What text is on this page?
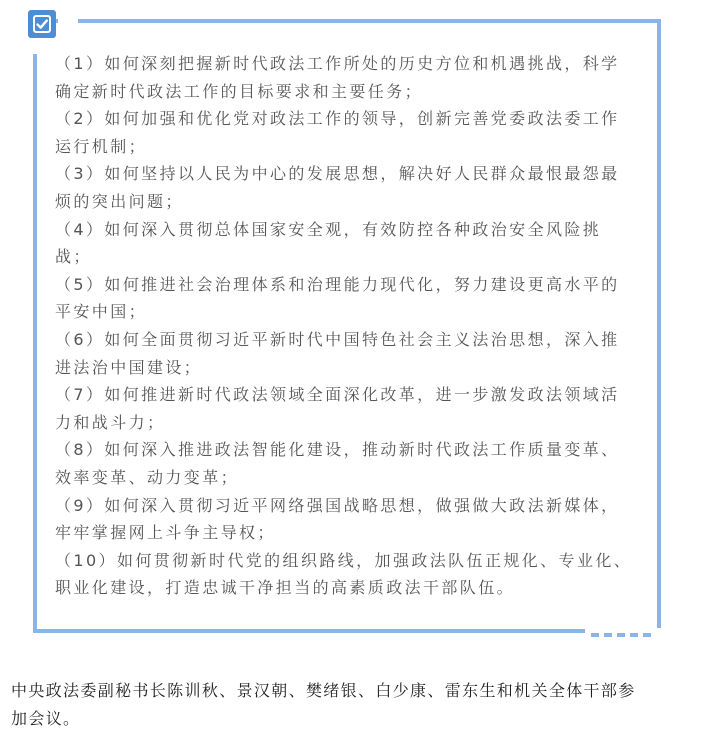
（1）如何深刻把握新时代政法工作所处的历史方位和机遇挑战，科学
确定新时代政法工作的目标要求和主要任务；

（2）如何加强和优化党对政法工作的领导，创新完善党委政法委工作
运行机制；

（3）如何坚持以人民为中心的发展思想，解决好人民群众最恨最怨最
烦的突出问题；

（4）如何深入贯彻总体国家安全观，有效防控各种政治安全风险挑
战；

（5）如何推进社会治理体系和治理能力现代化，努力建设更高水平的
平安中国；

（6）如何全面贯彻习近平新时代中国特色社会主义法治思想，深入推
进法治中国建设；

（7）如何推进新时代政法领域全面深化改革，进一步激发政法领域活
力和战斗力；

（8）如何深入推进政法智能化建设，推动新时代政法工作质量变革、
效率变革、动力变革；

（9）如何深入贯彻习近平网络强国战略思想，做强做大政法新媒体，
牢牢掌握网上斗争主导权；

（10）如何贯彻新时代党的组织路线，加强政法队伍正规化、专业化、
职业化建设，打造忠诚干净担当的高素质政法干部队伍。

中央政法委副秘书长陈训秋、景汉朝、樊绪银、白少康、雷东生和机关全体干部参
加会议。
